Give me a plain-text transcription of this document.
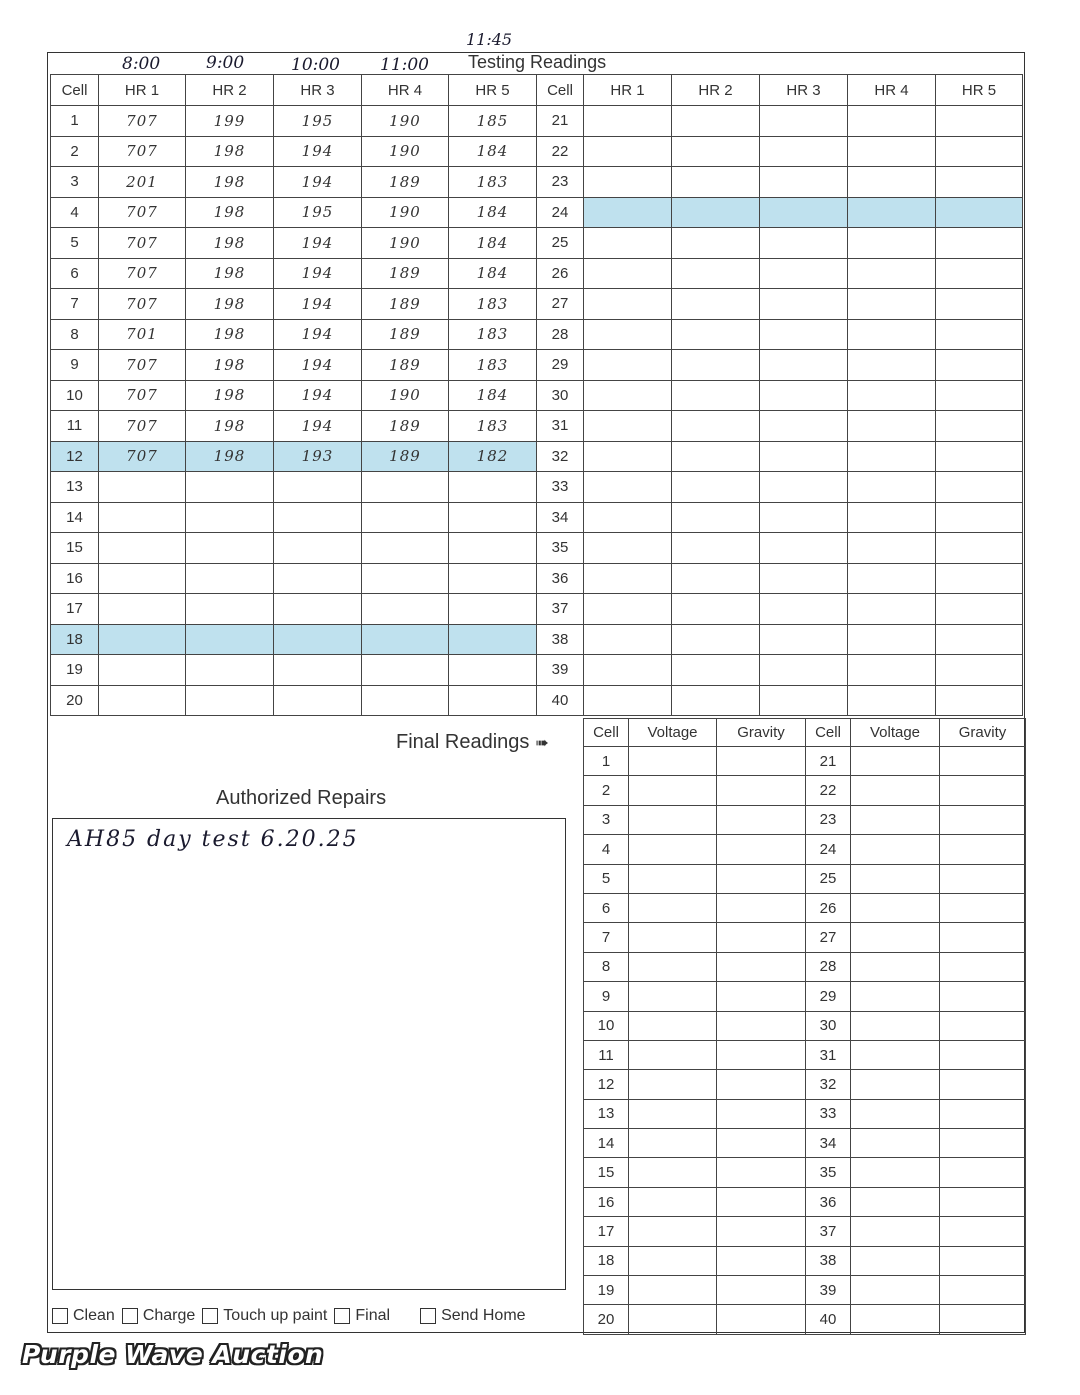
11:45
8:00	9:00	10:00 11:00 Testing Readings
Cell	HR 1	HR 2	HR 3	HR 4	HR 5	Cell	HR 1	HR 2	HR 3	HR 4	HR 5
1	707	199	195	190	185	21					
2	707	198	194	190	184	22					
3	201	198	194	189	183	23					
4	707	198	195	190	184	24					
5	707	198	194	190	184	25					
6	707	198	194	189	184	26					
7	707	198	194	189	183	27					
8	701	198	194	189	183	28					
9	707	198	194	189	183	29					
10	707	198	194	190	184	30					
11	707	198	194	189	183	31					
12	707	198	193	189	182	32					
13						33					
14						34					
15						35					
16						36					
17						37					
18						38					
19						39					
20						40					
Final Readings ➠
Cell	Voltage	Gravity	Cell	Voltage	Gravity
1			21		
2			22		
3			23		
4			24		
5			25		
6			26		
7			27		
8			28		
9			29		
10			30		
11			31		
12			32		
13			33		
14			34		
15			35		
16			36		
17			37		
18			38		
19			39		
20			40		
Authorized Repairs
AH85 day test 6.20.25
Clean Charge Touch up paint Final	Send Home
Purple Wave Auction
